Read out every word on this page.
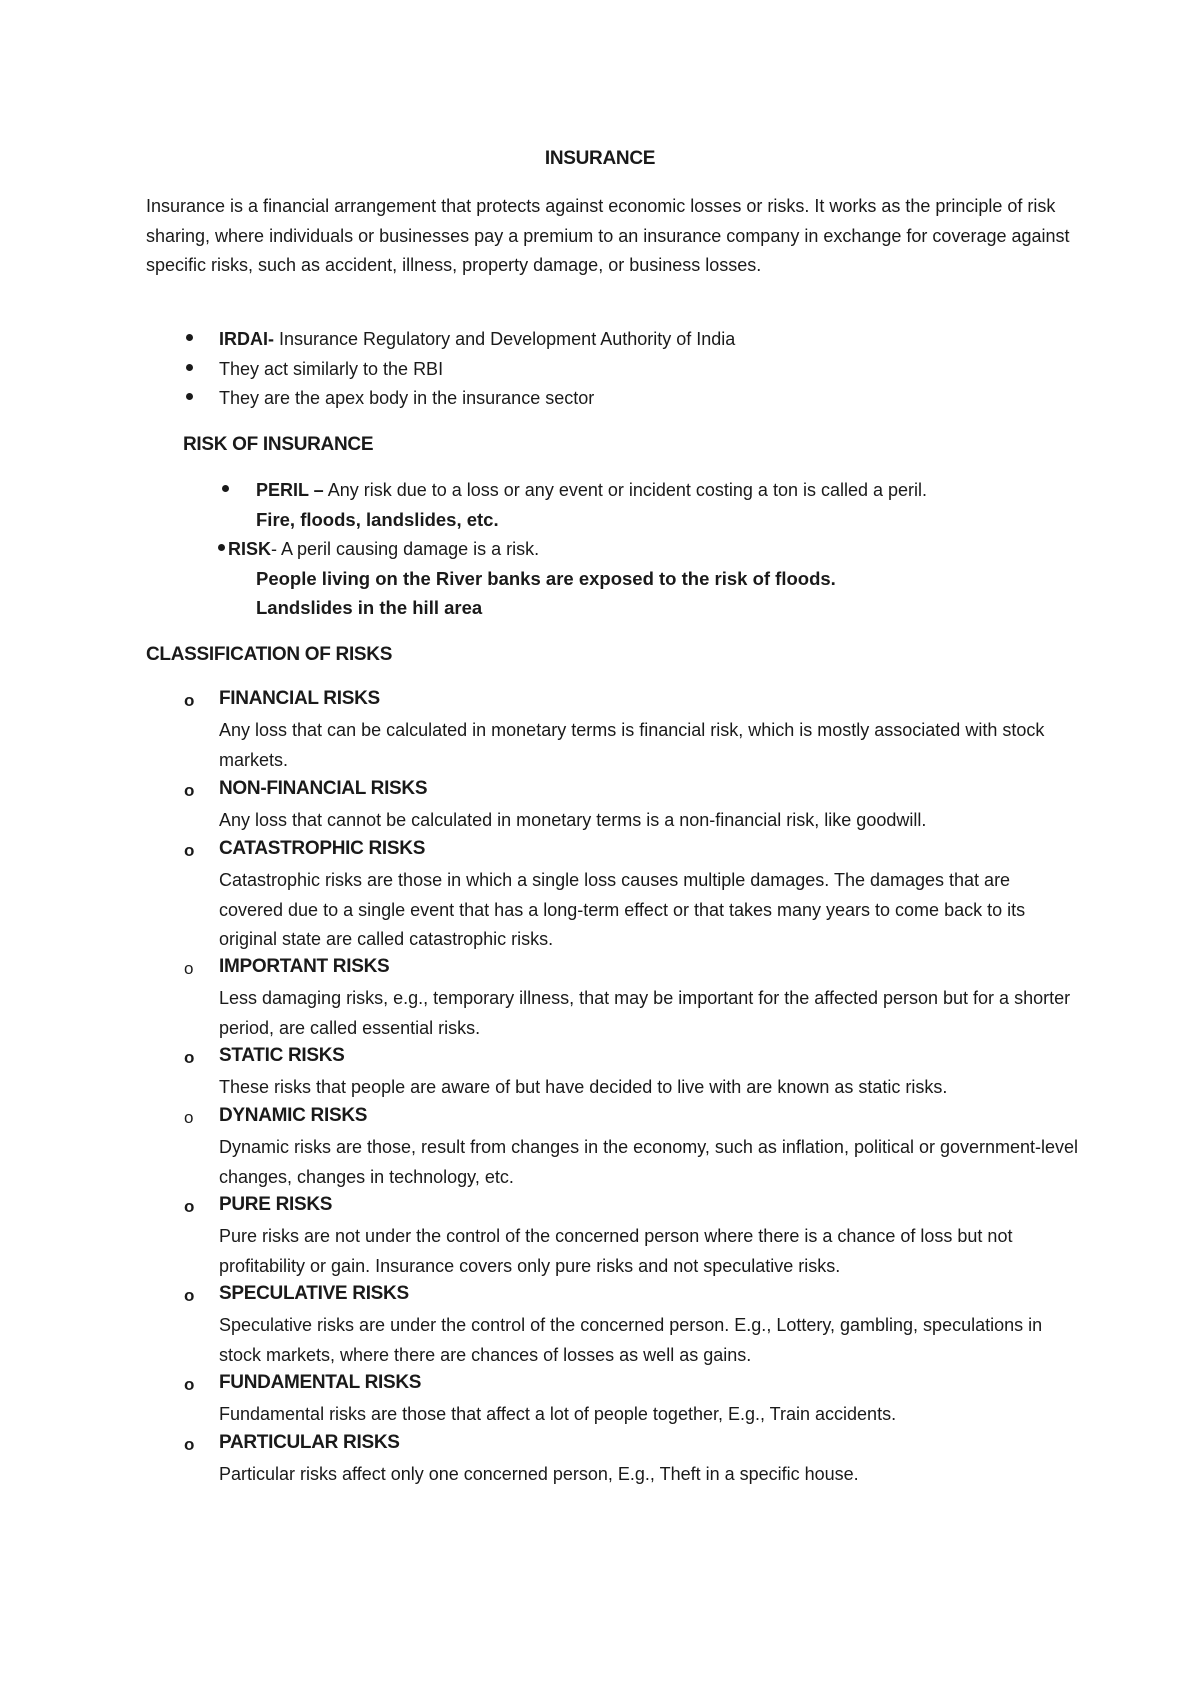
INSURANCE

Insurance is a financial arrangement that protects against economic losses or risks. It works as the principle of risk sharing, where individuals or businesses pay a premium to an insurance company in exchange for coverage against specific risks, such as accident, illness, property damage, or business losses.

IRDAI- Insurance Regulatory and Development Authority of India

They act similarly to the RBI

They are the apex body in the insurance sector

RISK OF INSURANCE

PERIL – Any risk due to a loss or any event or incident costing a ton is called a peril.

Fire, floods, landslides, etc.

RISK- A peril causing damage is a risk.

People living on the River banks are exposed to the risk of floods.

Landslides in the hill area

CLASSIFICATION OF RISKS

o FINANCIAL RISKS

Any loss that can be calculated in monetary terms is financial risk, which is mostly associated with stock markets.

o NON-FINANCIAL RISKS

Any loss that cannot be calculated in monetary terms is a non-financial risk, like goodwill.

o CATASTROPHIC RISKS

Catastrophic risks are those in which a single loss causes multiple damages. The damages that are covered due to a single event that has a long-term effect or that takes many years to come back to its original state are called catastrophic risks.

o IMPORTANT RISKS

Less damaging risks, e.g., temporary illness, that may be important for the affected person but for a shorter period, are called essential risks.

o STATIC RISKS

These risks that people are aware of but have decided to live with are known as static risks.

o DYNAMIC RISKS

Dynamic risks are those, result from changes in the economy, such as inflation, political or government-level changes, changes in technology, etc.

o PURE RISKS

Pure risks are not under the control of the concerned person where there is a chance of loss but not profitability or gain. Insurance covers only pure risks and not speculative risks.

o SPECULATIVE RISKS

Speculative risks are under the control of the concerned person. E.g., Lottery, gambling, speculations in stock markets, where there are chances of losses as well as gains.

o FUNDAMENTAL RISKS

Fundamental risks are those that affect a lot of people together, E.g., Train accidents.

o PARTICULAR RISKS

Particular risks affect only one concerned person, E.g., Theft in a specific house.
